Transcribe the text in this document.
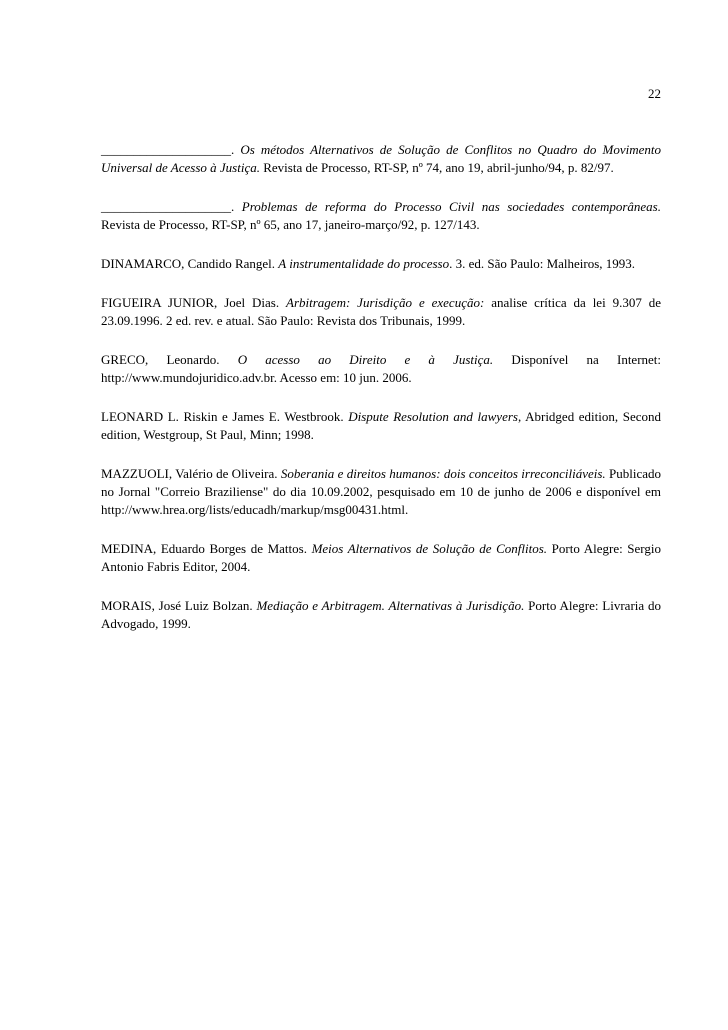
22

____________________. Os métodos Alternativos de Solução de Conflitos no Quadro do Movimento Universal de Acesso à Justiça. Revista de Processo, RT-SP, nº 74, ano 19, abril-junho/94, p. 82/97.

____________________. Problemas de reforma do Processo Civil nas sociedades contemporâneas. Revista de Processo, RT-SP, nº 65, ano 17, janeiro-março/92, p. 127/143.

DINAMARCO, Candido Rangel. A instrumentalidade do processo. 3. ed. São Paulo: Malheiros, 1993.

FIGUEIRA JUNIOR, Joel Dias. Arbitragem: Jurisdição e execução: analise crítica da lei 9.307 de 23.09.1996. 2 ed. rev. e atual. São Paulo: Revista dos Tribunais, 1999.

GRECO, Leonardo. O acesso ao Direito e à Justiça. Disponível na Internet: http://www.mundojuridico.adv.br. Acesso em: 10 jun. 2006.

LEONARD L. Riskin e James E. Westbrook. Dispute Resolution and lawyers, Abridged edition, Second edition, Westgroup, St Paul, Minn; 1998.

MAZZUOLI, Valério de Oliveira. Soberania e direitos humanos: dois conceitos irreconciliáveis. Publicado no Jornal "Correio Braziliense" do dia 10.09.2002, pesquisado em 10 de junho de 2006 e disponível em http://www.hrea.org/lists/educadh/markup/msg00431.html.

MEDINA, Eduardo Borges de Mattos. Meios Alternativos de Solução de Conflitos. Porto Alegre: Sergio Antonio Fabris Editor, 2004.

MORAIS, José Luiz Bolzan. Mediação e Arbitragem. Alternativas à Jurisdição. Porto Alegre: Livraria do Advogado, 1999.
